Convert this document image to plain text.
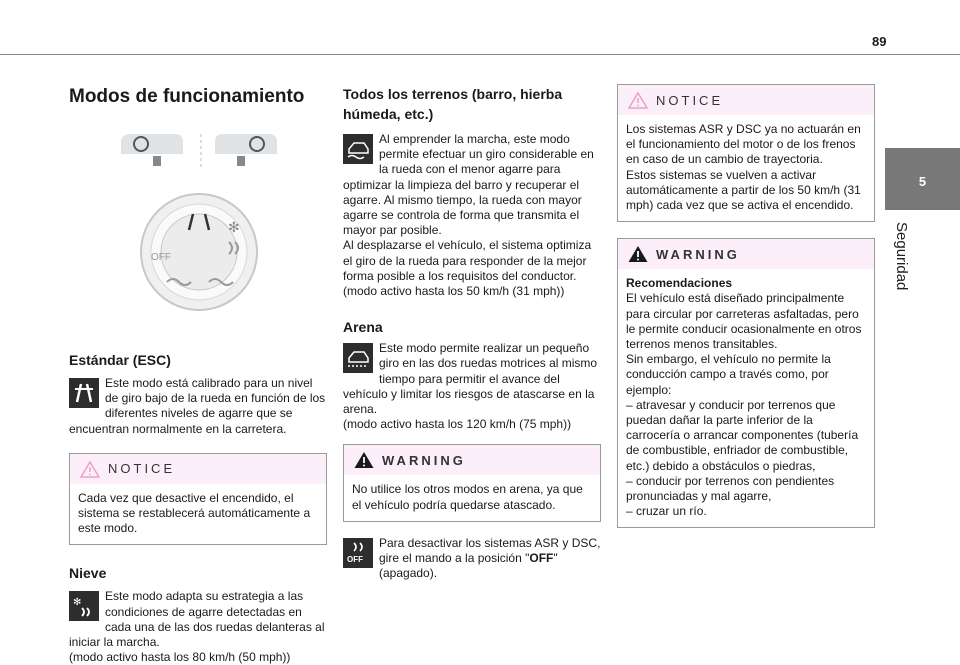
89
5
Seguridad
Modos de funcionamiento
✻
OFF
Estándar (ESC)

Este modo está calibrado para un nivel de giro bajo de la rueda en función de los diferentes niveles de agarre que se encuentran normalmente en la carretera.

NOTICE

Cada vez que desactive el encendido, el sistema se restablecerá automáticamente a este modo.

Nieve
✻	Este modo adapta su estrategia a las condiciones de agarre detectadas en cada una de las dos ruedas delanteras al iniciar la marcha.

(modo activo hasta los 80 km/h (50 mph))

Todos los terrenos (barro, hierba húmeda, etc.)

Al emprender la marcha, este modo permite efectuar un giro considerable en la rueda con el menor agarre para optimizar la limpieza del barro y recuperar el agarre. Al mismo tiempo, la rueda con mayor agarre se controla de forma que transmita el mayor par posible.

Al desplazarse el vehículo, el sistema optimiza el giro de la rueda para responder de la mejor forma posible a los requisitos del conductor.

(modo activo hasta los 50 km/h (31 mph))

Arena

Este modo permite realizar un pequeño giro en las dos ruedas motrices al mismo tiempo para permitir el avance del vehículo y limitar los riesgos de atascarse en la arena.

(modo activo hasta los 120 km/h (75 mph))

WARNING

No utilice los otros modos en arena, ya que el vehículo podría quedarse atascado.

OFF

Para desactivar los sistemas ASR y DSC, gire el mando a la posición "OFF" (apagado).

NOTICE

Los sistemas ASR y DSC ya no actuarán en el funcionamiento del motor o de los frenos en caso de un cambio de trayectoria.

Estos sistemas se vuelven a activar automáticamente a partir de los 50 km/h (31 mph) cada vez que se activa el encendido.

WARNING

Recomendaciones

El vehículo está diseñado principalmente para circular por carreteras asfaltadas, pero le permite conducir ocasionalmente en otros terrenos menos transitables.

Sin embargo, el vehículo no permite la conducción campo a través como, por ejemplo:

– atravesar y conducir por terrenos que puedan dañar la parte inferior de la carrocería o arrancar componentes (tubería de combustible, enfriador de combustible, etc.) debido a obstáculos o piedras,

– conducir por terrenos con pendientes pronunciadas y mal agarre,

– cruzar un río.
